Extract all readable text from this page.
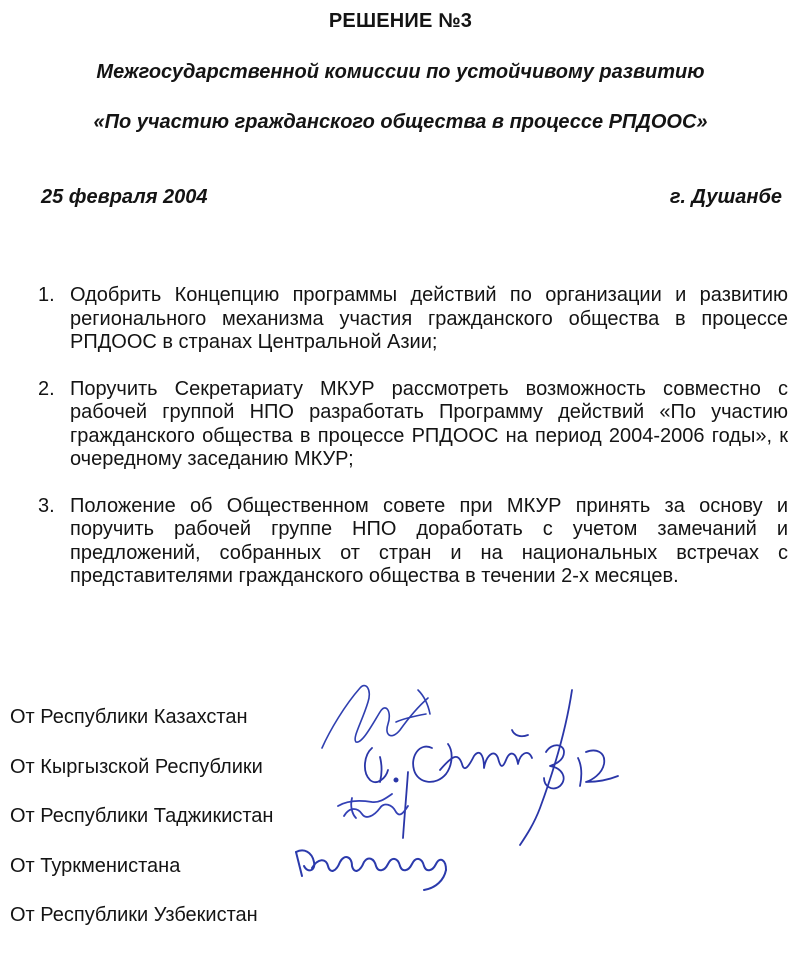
РЕШЕНИЕ №3
Межгосударственной комиссии по устойчивому развитию
«По участию гражданского общества в процессе РПДООС»
25 февраля 2004	г. Душанбе
1. Одобрить Концепцию программы действий по организации и развитию регионального механизма участия гражданского общества в процессе РПДООС в странах Центральной Азии;
2. Поручить Секретариату МКУР рассмотреть возможность совместно с рабочей группой НПО разработать Программу действий «По участию гражданского общества в процессе РПДООС на период 2004-2006 годы», к очередному заседанию МКУР;
3. Положение об Общественном совете при МКУР принять за основу и поручить рабочей группе НПО доработать с учетом замечаний и предложений, собранных от стран и на национальных встречах с представителями гражданского общества в течении 2-х месяцев.
От Республики Казахстан
От Кыргызской Республики
От Республики Таджикистан
От Туркменистана
От Республики Узбекистан
